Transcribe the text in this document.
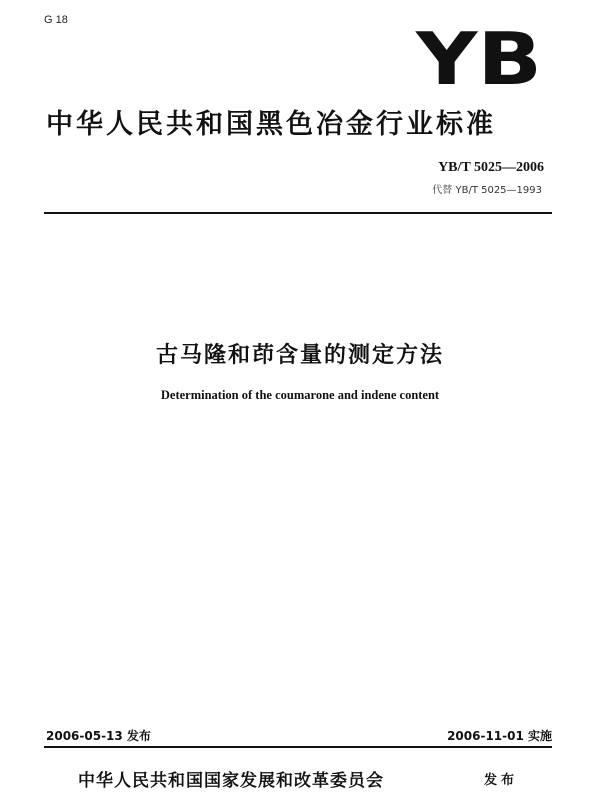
G 18	YB
中华人民共和国黑色冶金行业标准
YB/T 5025—2006
代替 YB/T 5025—1993
古马隆和茚含量的测定方法
Determination of the coumarone and indene content
2006-05-13 发布	2006-11-01 实施
中华人民共和国国家发展和改革委员会	发布
